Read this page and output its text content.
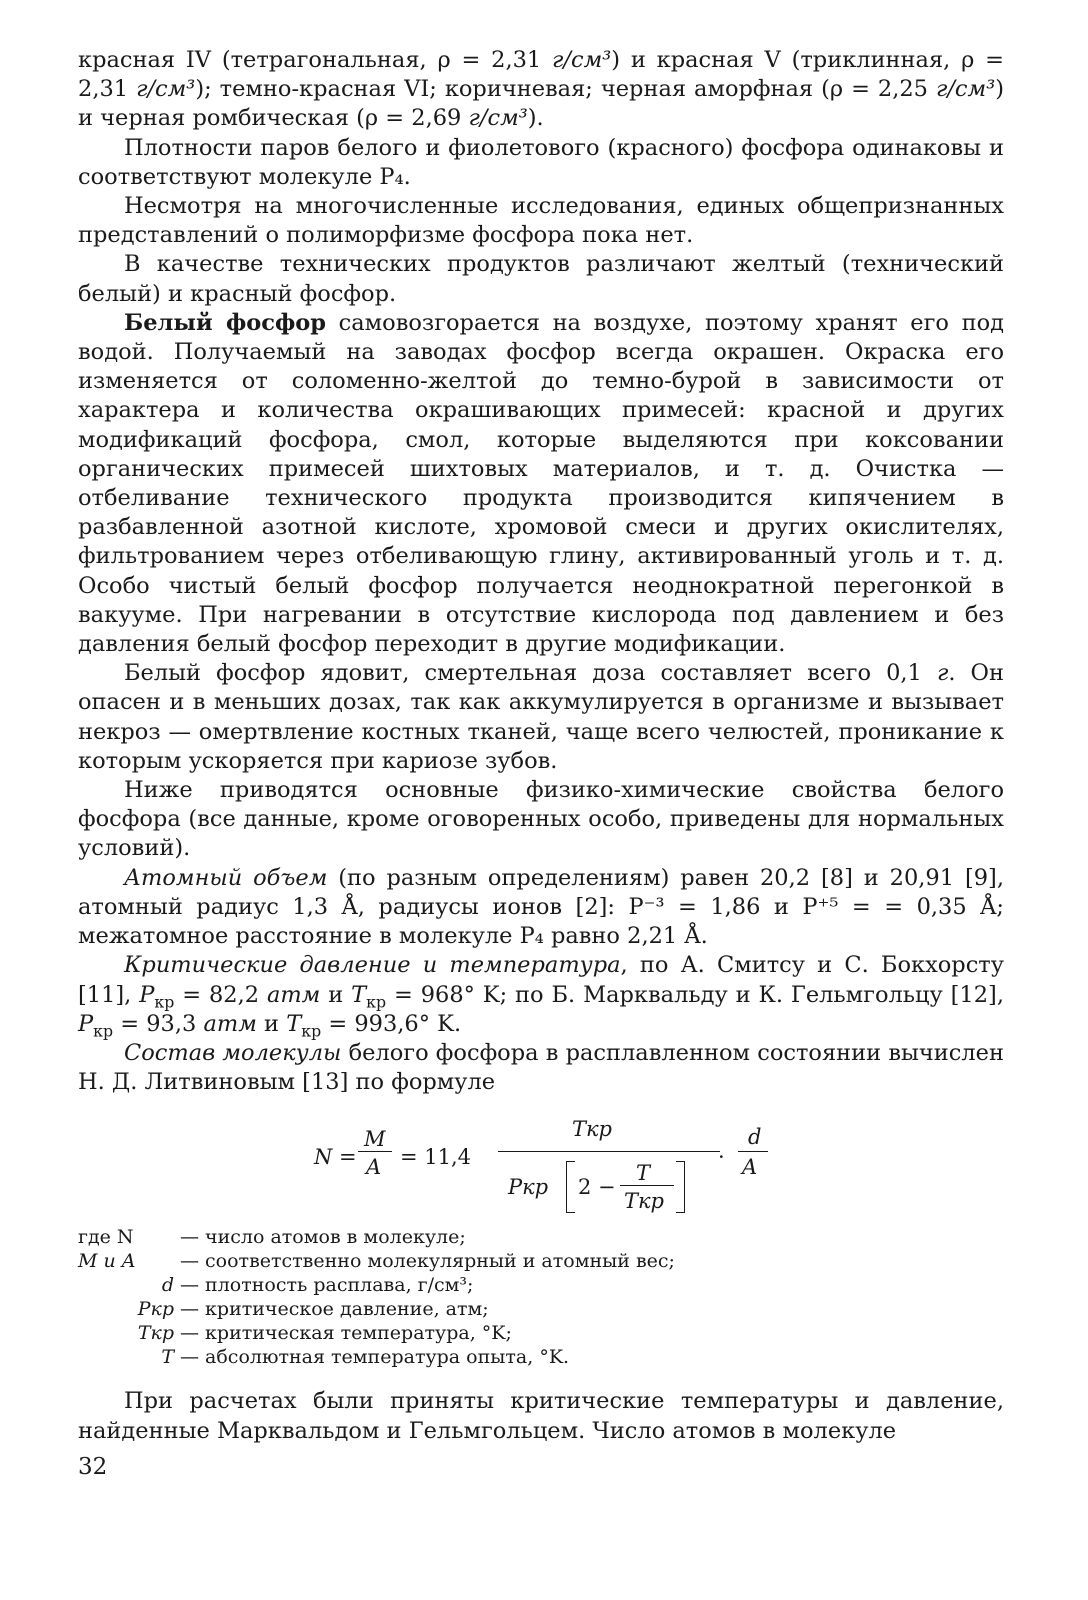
красная IV (тетрагональная, ρ = 2,31 г/см³) и красная V (триклинная, ρ = 2,31 г/см³); темно-красная VI; коричневая; черная аморфная (ρ = 2,25 г/см³) и черная ромбическая (ρ = 2,69 г/см³).

Плотности паров белого и фиолетового (красного) фосфора одинаковы и соответствуют молекуле P₄.

Несмотря на многочисленные исследования, единых общепризнанных представлений о полиморфизме фосфора пока нет.

В качестве технических продуктов различают желтый (технический белый) и красный фосфор.

Белый фосфор самовозгорается на воздухе, поэтому хранят его под водой. Получаемый на заводах фосфор всегда окрашен. Окраска его изменяется от соломенно-желтой до темно-бурой в зависимости от характера и количества окрашивающих примесей: красной и других модификаций фосфора, смол, которые выделяются при коксовании органических примесей шихтовых материалов, и т. д. Очистка — отбеливание технического продукта производится кипячением в разбавленной азотной кислоте, хромовой смеси и других окислителях, фильтрованием через отбеливающую глину, активированный уголь и т. д. Особо чистый белый фосфор получается неоднократной перегонкой в вакууме. При нагревании в отсутствие кислорода под давлением и без давления белый фосфор переходит в другие модификации.

Белый фосфор ядовит, смертельная доза составляет всего 0,1 г. Он опасен и в меньших дозах, так как аккумулируется в организме и вызывает некроз — омертвление костных тканей, чаще всего челюстей, проникание к которым ускоряется при кариозе зубов.

Ниже приводятся основные физико-химические свойства белого фосфора (все данные, кроме оговоренных особо, приведены для нормальных условий).

Атомный объем (по разным определениям) равен 20,2 [8] и 20,91 [9], атомный радиус 1,3 Å, радиусы ионов [2]: P⁻³ = 1,86 и P⁺⁵ = = 0,35 Å; межатомное расстояние в молекуле P₄ равно 2,21 Å.

Критические давление и температура, по А. Смитсу и С. Бокхорсту [11], $P_{кр} = 82,2$ атм и $T_{кр} = 968^\circ$ K; по Б. Марквальду и К. Гельмгольцу [12], $P_{кр} = 93,3$ атм и $T_{кр} = 993,6^\circ$ K.

Состав молекулы белого фосфора в расплавленном состоянии вычислен Н. Д. Литвиновым [13] по формуле

N =
M
A = 11,4
Tкр
Pкр 2 −
T
Tкр
·
d
A
где N	— число атомов в молекуле;
M и A	— соответственно молекулярный и атомный вес;
d — плотность расплава, г/см³;
Pкр — критическое давление, атм;
Tкр — критическая температура, °K;
T — абсолютная температура опыта, °K.

При расчетах были приняты критические температуры и давление, найденные Марквальдом и Гельмгольцем. Число атомов в молекуле

32
